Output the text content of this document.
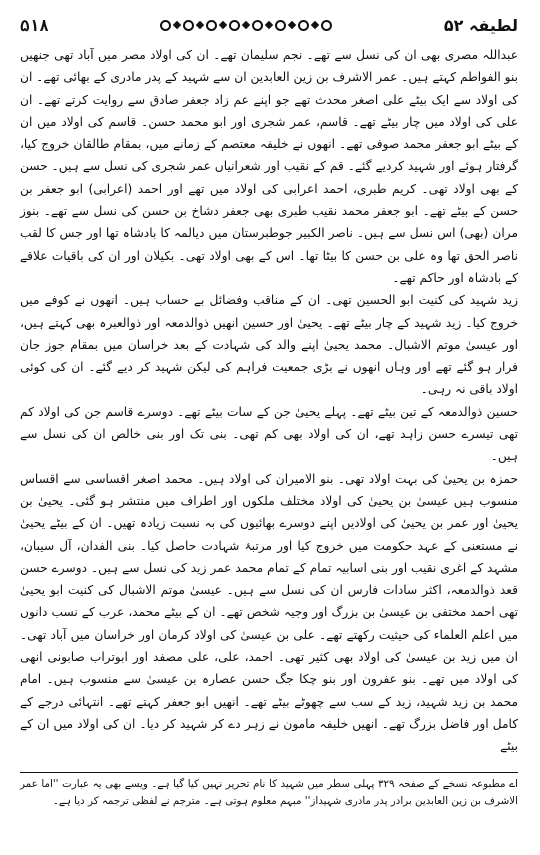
لطیفہ ۵۲
۵۱۸

عبداللہ مصری بھی ان کی نسل سے تھے۔ نجم سلیمان تھے۔ ان کی اولاد مصر میں آباد تھی جنھیں بنو الفواطم کہتے ہیں۔ عمر الاشرف بن زین العابدین ان سے شہید کے پدر مادری کے بھائی تھے۔ ان کی اولاد سے ایک بیٹے علی اصغر محدث تھے جو اپنے عم زاد جعفر صادق سے روایت کرتے تھے۔ ان علی کی اولاد میں چار بیٹے تھے۔ قاسم، عمر شجری اور ابو محمد حسن۔ قاسم کی اولاد میں ان کے بیٹے ابو جعفر محمد صوفی تھے۔ انھوں نے خلیفہ معتصم کے زمانے میں، بمقام طالقان خروج کیا، گرفتار ہوئے اور شہید کردیے گئے۔ قم کے نقیب اور شعرانیاں عمر شجری کی نسل سے ہیں۔ حسن کے بھی اولاد تھی۔ کریم طبری، احمد اعرابی کی اولاد میں تھے اور احمد (اعرابی) ابو جعفر بن حسن کے بیٹے تھے۔ ابو جعفر محمد نقیب طبری بھی جعفر دشاخ بن حسن کی نسل سے تھے۔ بنوز مران (بھی) اس نسل سے ہیں۔ ناصر الکبیر جوطبرستان میں دیالمہ کا بادشاہ تھا اور جس کا لقب ناصر الحق تھا وہ علی بن حسن کا بیٹا تھا۔ اس کے بھی اولاد تھی۔ بکیلان اور ان کی باقیات علاقے کے بادشاہ اور حاکم تھے۔

زید شہید کی کنیت ابو الحسین تھی۔ ان کے مناقب وفضائل بے حساب ہیں۔ انھوں نے کوفے میں خروج کیا۔ زید شہید کے چار بیٹے تھے۔ یحییٰ اور حسین انھیں ذوالدمعہ اور ذوالعبرہ بھی کہتے ہیں، اور عیسیٰ موتم الاشبال۔ محمد یحییٰ اپنے والد کی شہادت کے بعد خراسان میں بمقام جوز جان فرار ہو گئے تھے اور وہاں انھوں نے بڑی جمعیت فراہم کی لیکن شہید کر دیے گئے۔ ان کی کوئی اولاد باقی نہ رہی۔

حسین ذوالدمعہ کے تین بیٹے تھے۔ پہلے یحییٰ جن کے سات بیٹے تھے۔ دوسرے قاسم جن کی اولاد کم تھی تیسرے حسن زاہد تھے، ان کی اولاد بھی کم تھی۔ بنی تک اور بنی خالص ان کی نسل سے ہیں۔

حمزہ بن یحییٰ کی بہت اولاد تھی۔ بنو الامیران کی اولاد ہیں۔ محمد اصغر اقساسی سے اقساس منسوب ہیں عیسیٰ بن یحییٰ کی اولاد مختلف ملکوں اور اطراف میں منتشر ہو گئی۔ یحییٰ بن یحییٰ اور عمر بن یحییٰ کی اولادیں اپنے دوسرے بھائیوں کی بہ نسبت زیادہ تھیں۔ ان کے بیٹے یحییٰ نے مستعنی کے عہد حکومت میں خروج کیا اور مرتبۂ شہادت حاصل کیا۔ بنی الفدان، آل سیبان، مشہد کے اغری نقیب اور بنی اسابیہ تمام کے تمام محمد عمر زید کی نسل سے ہیں۔ دوسرے حسن قعد ذوالدمعہ، اکثر سادات فارس ان کی نسل سے ہیں۔ عیسیٰ موتم الاشبال کی کنیت ابو یحییٰ تھی احمد مختفی بن عیسیٰ بن بزرگ اور وجیہ شخص تھے۔ ان کے بیٹے محمد، عرب کے نسب دانوں میں اعلم العلماء کی حیثیت رکھتے تھے۔ علی بن عیسیٰ کی اولاد کرمان اور خراسان میں آباد تھی۔ ان میں زید بن عیسیٰ کی اولاد بھی کثیر تھی۔ احمد، علی، علی مصفد اور ابوتراب صابونی انھی کی اولاد میں تھے۔ بنو عفرون اور بنو چکا جگ حسن عصارہ بن عیسیٰ سے منسوب ہیں۔ امام محمد بن زید شہید، زید کے سب سے چھوٹے بیٹے تھے۔ انھیں ابو جعفر کہتے تھے۔ انتہائی درجے کے کامل اور فاضل بزرگ تھے۔ انھیں خلیفہ مامون نے زہر دے کر شہید کر دیا۔ ان کی اولاد میں ان کے بیٹے

اے مطبوعہ نسخے کے صفحہ ۳۲۹ پہلی سطر میں شہید کا نام تحریر نہیں کیا گیا ہے۔ ویسے بھی یہ عبارت ''اما عمر الاشرف بن زین العابدین برادر پدر مادری شہیداز'' مبہم معلوم ہوتی ہے۔ مترجم نے لفظی ترجمہ کر دیا ہے۔
